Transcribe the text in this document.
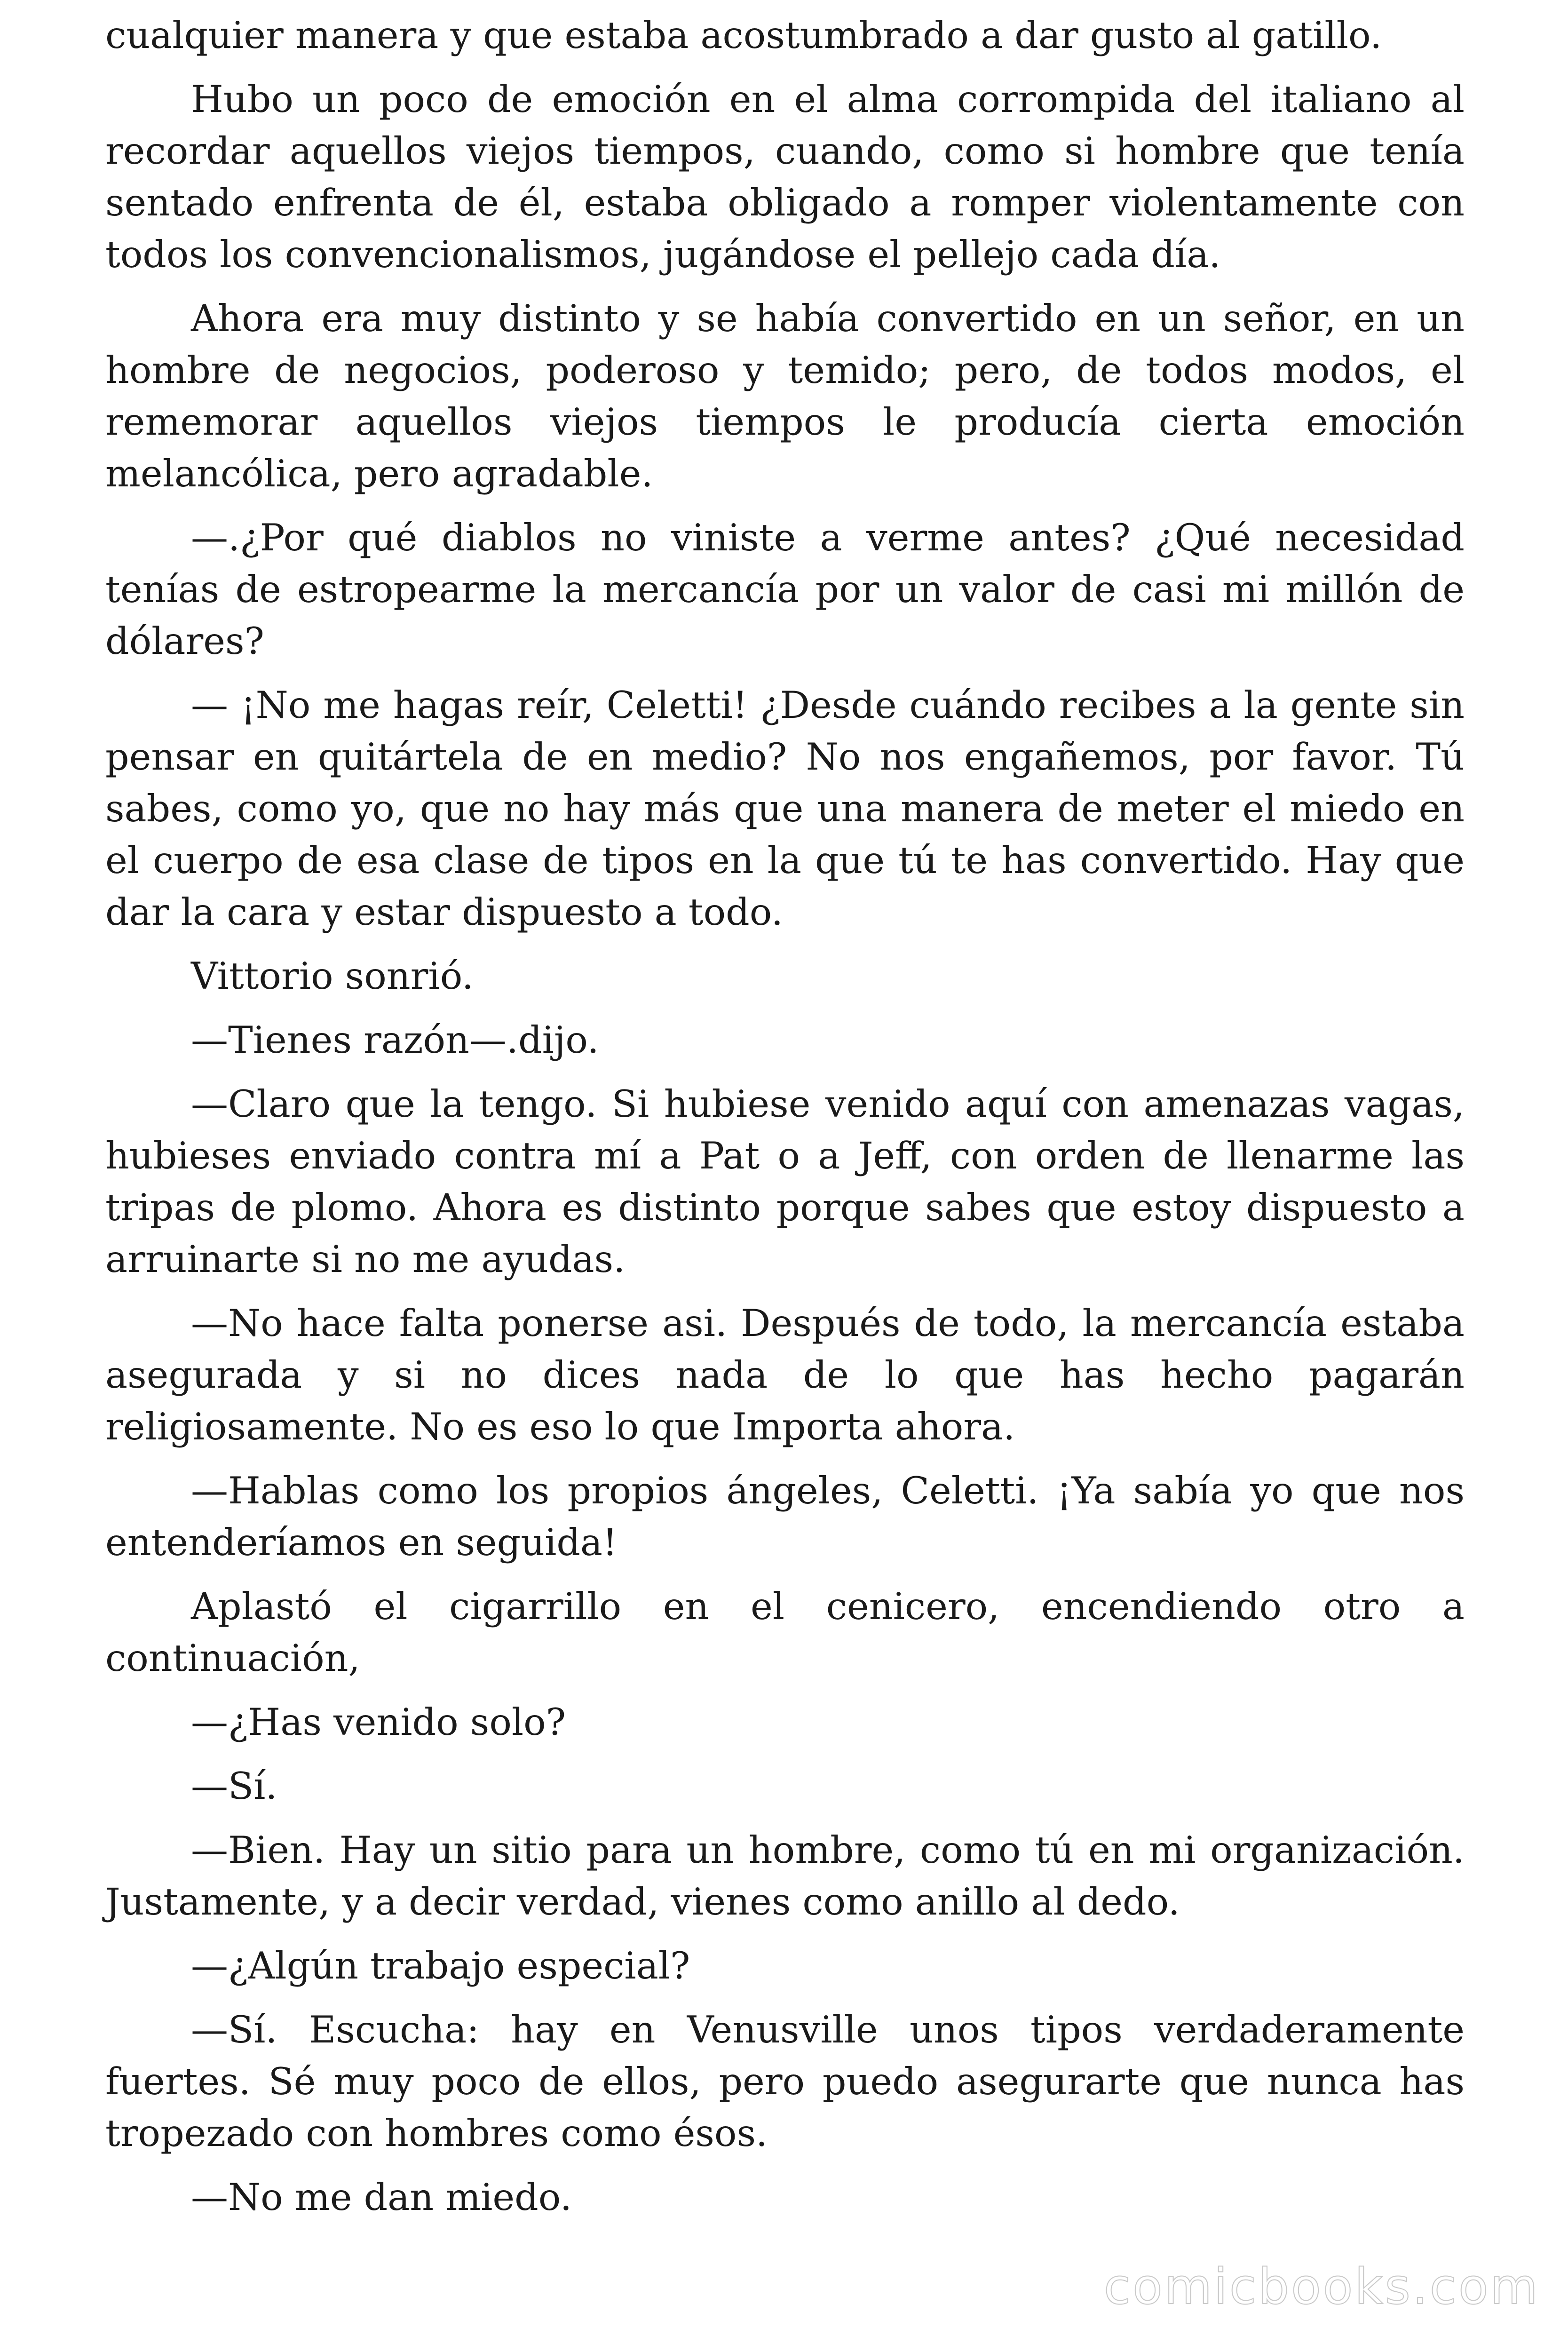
cualquier manera y que estaba acostumbrado a dar gusto al gatillo.

Hubo un poco de emoción en el alma corrompida del italiano al recordar aquellos viejos tiempos, cuando, como si hombre que tenía sentado enfrenta de él, estaba obligado a romper violentamente con todos los convencionalismos, jugándose el pellejo cada día.

Ahora era muy distinto y se había convertido en un señor, en un hombre de negocios, poderoso y temido; pero, de todos modos, el rememorar aquellos viejos tiempos le producía cierta emoción melancólica, pero agradable.

—.¿Por qué diablos no viniste a verme antes? ¿Qué necesidad tenías de estropearme la mercancía por un valor de casi mi millón de dólares?

— ¡No me hagas reír, Celetti! ¿Desde cuándo recibes a la gente sin pensar en quitártela de en medio? No nos engañemos, por favor. Tú sabes, como yo, que no hay más que una manera de meter el miedo en el cuerpo de esa clase de tipos en la que tú te has convertido. Hay que dar la cara y estar dispuesto a todo.

Vittorio sonrió.

—Tienes razón—.dijo.

—Claro que la tengo. Si hubiese venido aquí con amenazas vagas, hubieses enviado contra mí a Pat o a Jeff, con orden de llenarme las tripas de plomo. Ahora es distinto porque sabes que estoy dispuesto a arruinarte si no me ayudas.

—No hace falta ponerse asi. Después de todo, la mercancía estaba asegurada y si no dices nada de lo que has hecho pagarán religiosamente. No es eso lo que Importa ahora.

—Hablas como los propios ángeles, Celetti. ¡Ya sabía yo que nos entenderíamos en seguida!

Aplastó el cigarrillo en el cenicero, encendiendo otro a continuación,

—¿Has venido solo?

—Sí.

—Bien. Hay un sitio para un hombre, como tú en mi organización. Justamente, y a decir verdad, vienes como anillo al dedo.

—¿Algún trabajo especial?

—Sí. Escucha: hay en Venusville unos tipos verdaderamente fuertes. Sé muy poco de ellos, pero puedo asegurarte que nunca has tropezado con hombres como ésos.

—No me dan miedo.

comicbooks.com
